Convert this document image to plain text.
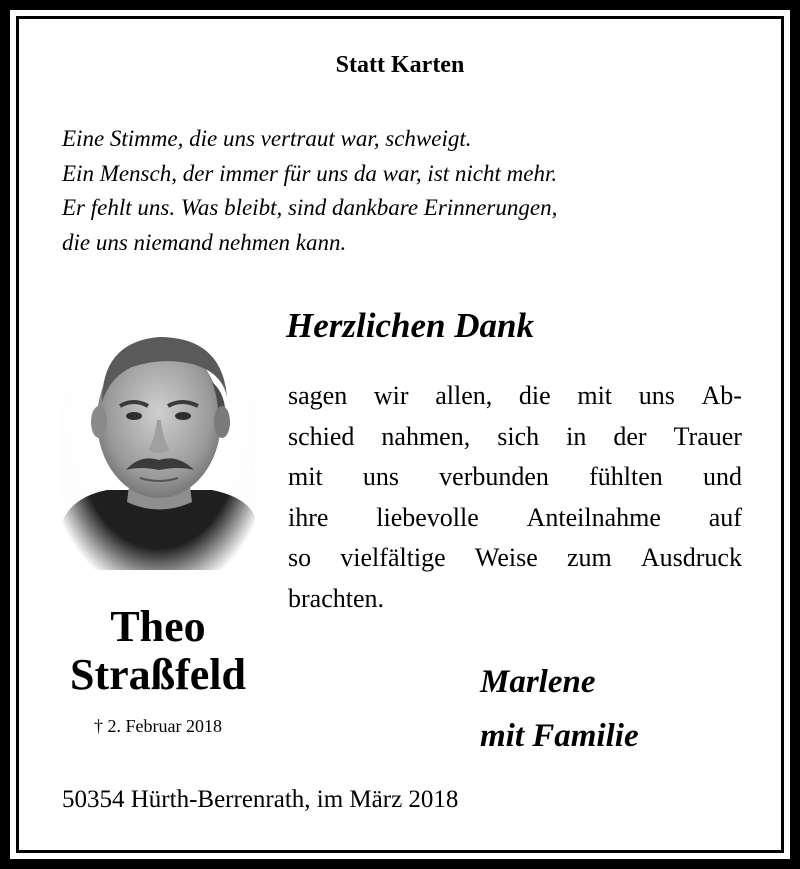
Statt Karten
Eine Stimme, die uns vertraut war, schweigt.
Ein Mensch, der immer für uns da war, ist nicht mehr.
Er fehlt uns. Was bleibt, sind dankbare Erinnerungen,
die uns niemand nehmen kann.
Theo
Straßfeld
† 2. Februar 2018
Herzlichen Dank
sagen wir allen, die mit uns Ab-
schied nahmen, sich in der Trauer
mit uns verbunden fühlten und
ihre liebevolle Anteilnahme auf
so vielfältige Weise zum Ausdruck
brachten.
Marlene
mit Familie
50354 Hürth-Berrenrath, im März 2018
